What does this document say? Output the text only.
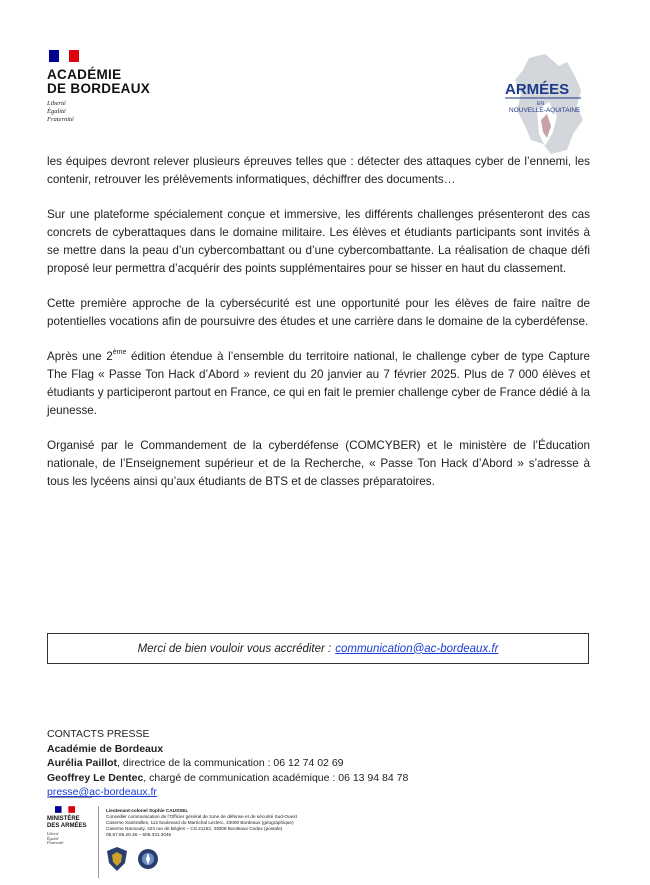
ACADÉMIE
DE BORDEAUX
Liberté
Égalité
Fraternité
ARMÉES
EN
NOUVELLE-AQUITAINE

les équipes devront relever plusieurs épreuves telles que : détecter des attaques cyber de l’ennemi, les contenir, retrouver les prélèvements informatiques, déchiffrer des documents…

Sur une plateforme spécialement conçue et immersive, les différents challenges présenteront des cas concrets de cyberattaques dans le domaine militaire. Les élèves et étudiants participants sont invités à se mettre dans la peau d’un cybercombattant ou d’une cybercombattante. La réalisation de chaque défi proposé leur permettra d’acquérir des points supplémentaires pour se hisser en haut du classement.

Cette première approche de la cybersécurité est une opportunité pour les élèves de faire naître de potentielles vocations afin de poursuivre des études et une carrière dans le domaine de la cyberdéfense.

Après une 2ème édition étendue à l’ensemble du territoire national, le challenge cyber de type Capture The Flag « Passe Ton Hack d’Abord » revient du 20 janvier au 7 février 2025. Plus de 7 000 élèves et étudiants y participeront partout en France, ce qui en fait le premier challenge cyber de France dédié à la jeunesse.

Organisé par le Commandement de la cyberdéfense (COMCYBER) et le ministère de l’Éducation nationale, de l’Enseignement supérieur et de la Recherche, « Passe Ton Hack d’Abord » s’adresse à tous les lycéens ainsi qu’aux étudiants de BTS et de classes préparatoires.

Merci de bien vouloir vous accréditer : communication@ac-bordeaux.fr
CONTACTS PRESSE
Académie de Bordeaux
Aurélia Paillot, directrice de la communication : 06 12 74 02 69
Geoffrey Le Dentec, chargé de communication académique : 06 13 94 84 78
presse@ac-bordeaux.fr
MINISTÈRE
DES ARMÉES
Liberté
Égalité
Fraternité
Lieutenant-colonel Sophie CAUSSEL
Conseiller communication de l’Officier général de zone de défense et de sécurité Sud-Ouest
Caserne Xaintrailles, 112 boulevard du Maréchal Leclerc, 33000 Bordeaux (géographique)
Caserne Nansouty, 223 rue de Bègles – CS 21152, 33008 Bordeaux Cedex (postale)
05.57.85.20.46 – 605.331.2046
